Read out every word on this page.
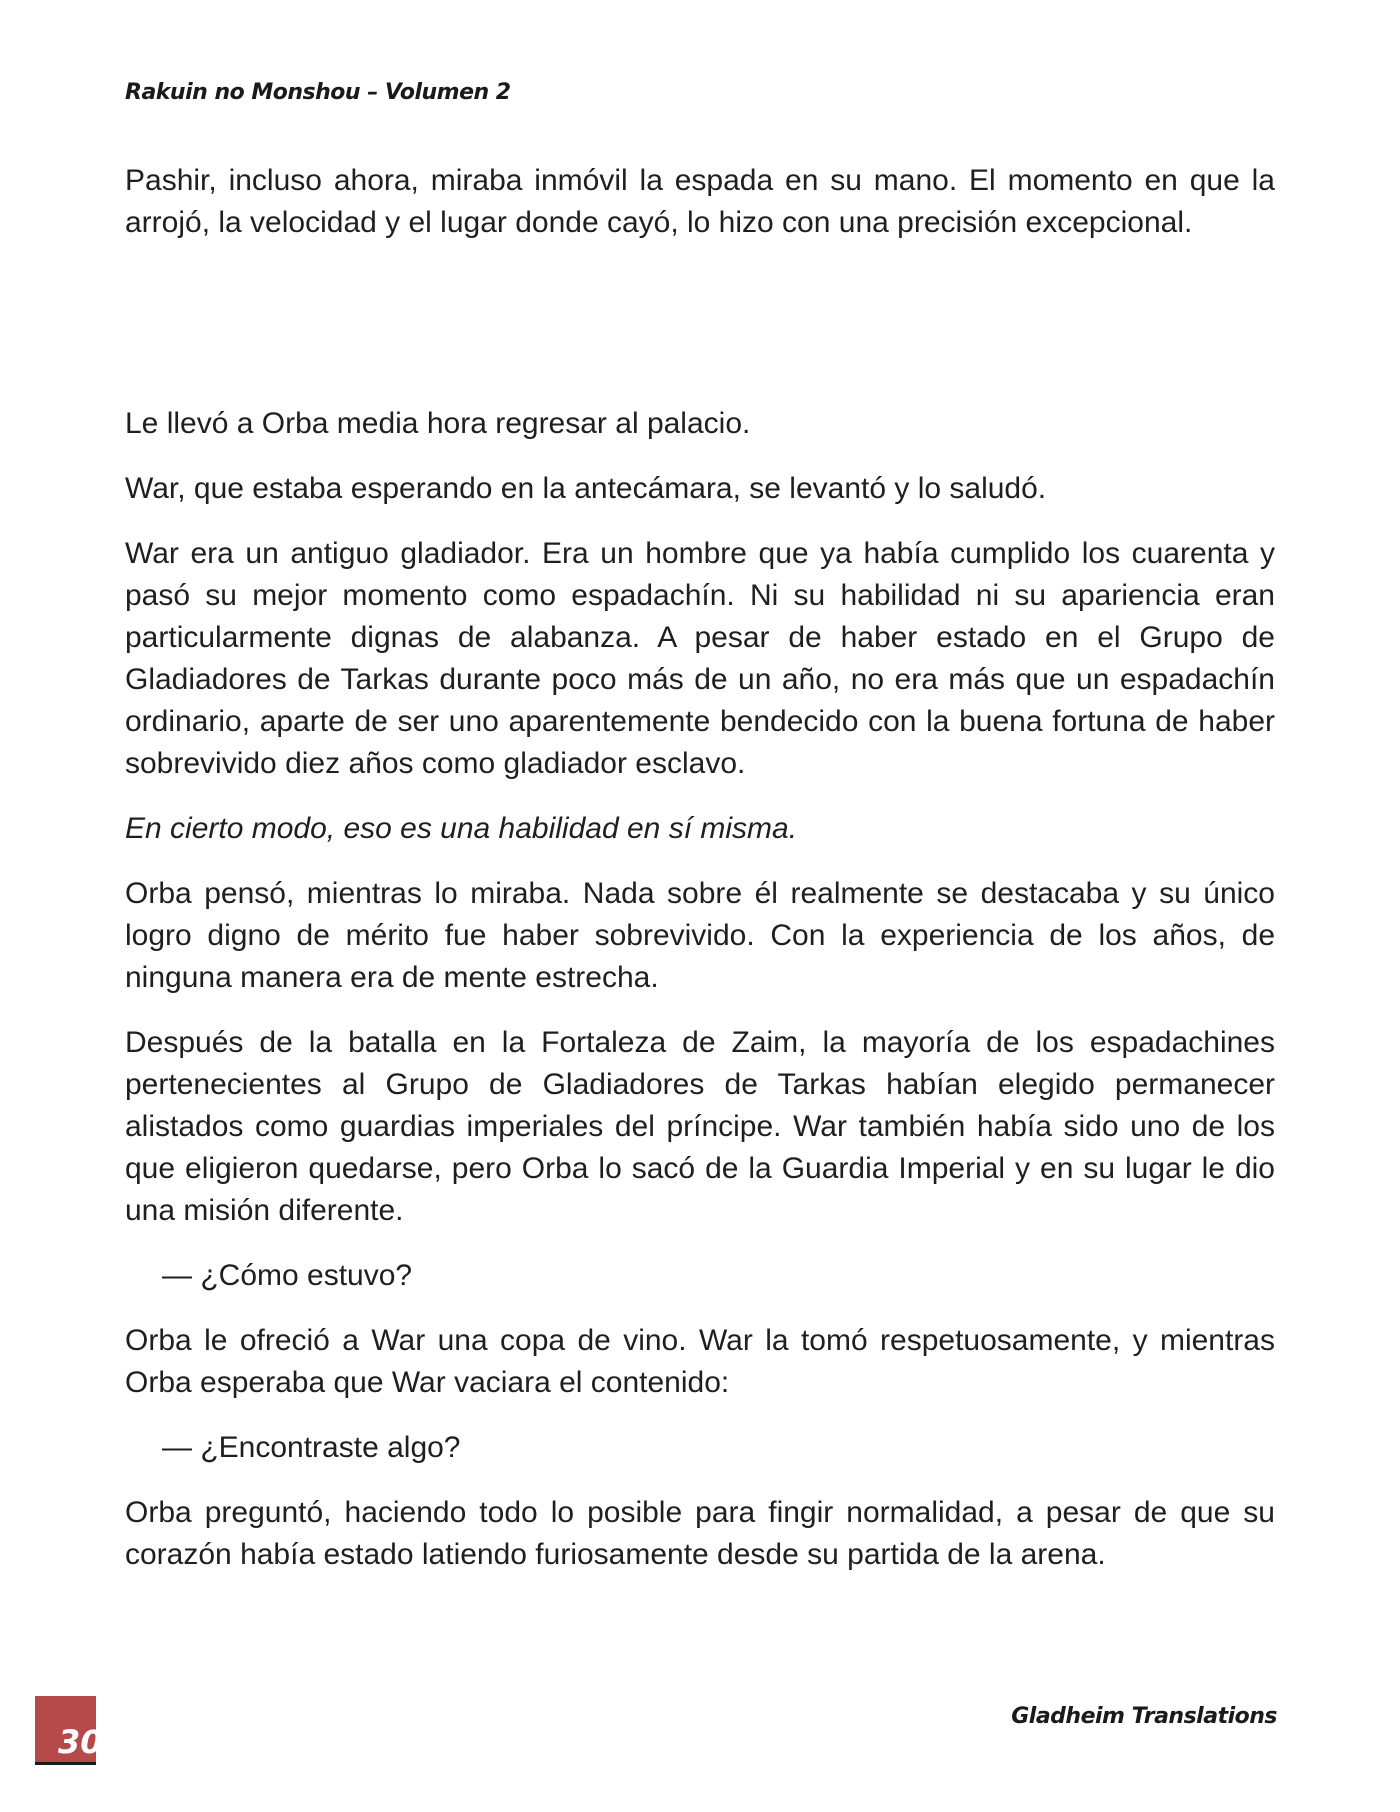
Rakuin no Monshou – Volumen 2

Pashir, incluso ahora, miraba inmóvil la espada en su mano. El momento en que la arrojó, la velocidad y el lugar donde cayó, lo hizo con una precisión excepcional.

Le llevó a Orba media hora regresar al palacio.

War, que estaba esperando en la antecámara, se levantó y lo saludó.

War era un antiguo gladiador. Era un hombre que ya había cumplido los cuarenta y pasó su mejor momento como espadachín. Ni su habilidad ni su apariencia eran particularmente dignas de alabanza. A pesar de haber estado en el Grupo de Gladiadores de Tarkas durante poco más de un año, no era más que un espadachín ordinario, aparte de ser uno aparentemente bendecido con la buena fortuna de haber sobrevivido diez años como gladiador esclavo.

En cierto modo, eso es una habilidad en sí misma.

Orba pensó, mientras lo miraba. Nada sobre él realmente se destacaba y su único logro digno de mérito fue haber sobrevivido. Con la experiencia de los años, de ninguna manera era de mente estrecha.

Después de la batalla en la Fortaleza de Zaim, la mayoría de los espadachines pertenecientes al Grupo de Gladiadores de Tarkas habían elegido permanecer alistados como guardias imperiales del príncipe. War también había sido uno de los que eligieron quedarse, pero Orba lo sacó de la Guardia Imperial y en su lugar le dio una misión diferente.

— ¿Cómo estuvo?

Orba le ofreció a War una copa de vino. War la tomó respetuosamente, y mientras Orba esperaba que War vaciara el contenido:

— ¿Encontraste algo?

Orba preguntó, haciendo todo lo posible para fingir normalidad, a pesar de que su corazón había estado latiendo furiosamente desde su partida de la arena.

30
Gladheim Translations
